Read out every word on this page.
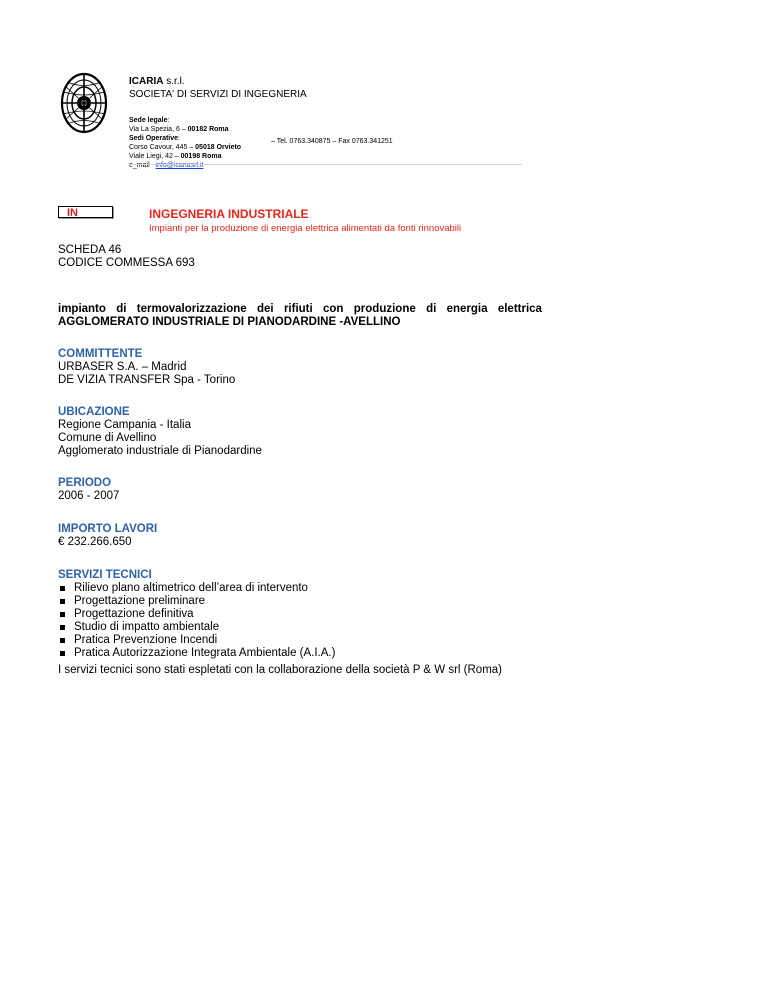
ICARIA s.r.l.
SOCIETA' DI SERVIZI DI INGEGNERIA
Sede legale:
Via La Spezia, 6 – 00182 Roma
Sedi Operative:
Corso Cavour, 445 – 05018 Orvieto
Viale Liegi, 42 – 00198 Roma
e_mail info@icariasrl.it
– Tel. 0763.340875 – Fax 0763.341251
IN	INGEGNERIA INDUSTRIALE
Impianti per la produzione di energia elettrica alimentati da fonti rinnovabili
SCHEDA 46
CODICE COMMESSA 693
impianto di termovalorizzazione dei rifiuti con produzione di energia elettrica
AGGLOMERATO INDUSTRIALE DI PIANODARDINE -AVELLINO
COMMITTENTE
URBASER S.A. – Madrid
DE VIZIA TRANSFER Spa - Torino
UBICAZIONE
Regione Campania - Italia
Comune di Avellino
Agglomerato industriale di Pianodardine
PERIODO
2006 - 2007
IMPORTO LAVORI
€ 232.266.650
SERVIZI TECNICI
Rilievo plano altimetrico dell’area di intervento
Progettazione preliminare
Progettazione definitiva
Studio di impatto ambientale
Pratica Prevenzione Incendi
Pratica Autorizzazione Integrata Ambientale (A.I.A.)
I servizi tecnici sono stati espletati con la collaborazione della società P & W srl (Roma)
